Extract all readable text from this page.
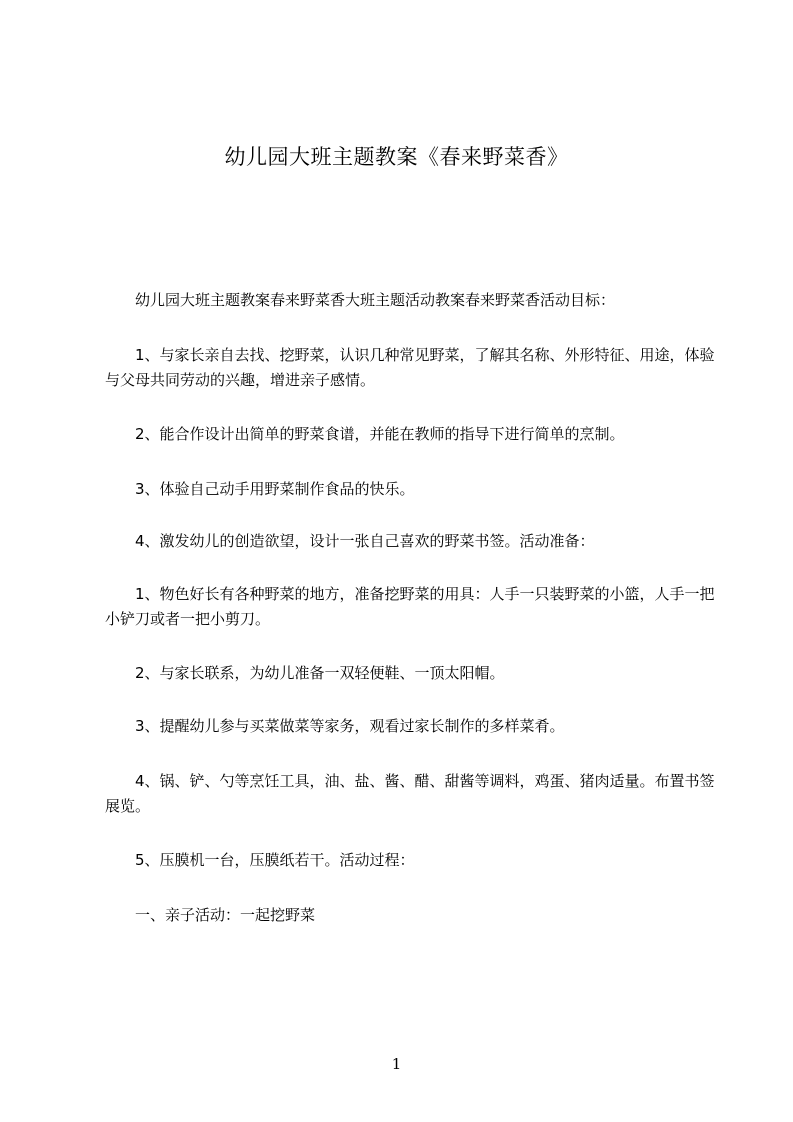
幼儿园大班主题教案《春来野菜香》

幼儿园大班主题教案春来野菜香大班主题活动教案春来野菜香活动目标：

1、与家长亲自去找、挖野菜，认识几种常见野菜，了解其名称、外形特征、用途，体验与父母共同劳动的兴趣，增进亲子感情。

2、能合作设计出简单的野菜食谱，并能在教师的指导下进行简单的烹制。

3、体验自己动手用野菜制作食品的快乐。

4、激发幼儿的创造欲望，设计一张自己喜欢的野菜书签。活动准备：

1、物色好长有各种野菜的地方，准备挖野菜的用具：人手一只装野菜的小篮，人手一把小铲刀或者一把小剪刀。

2、与家长联系，为幼儿准备一双轻便鞋、一顶太阳帽。

3、提醒幼儿参与买菜做菜等家务，观看过家长制作的多样菜肴。

4、锅、铲、勺等烹饪工具，油、盐、酱、醋、甜酱等调料，鸡蛋、猪肉适量。布置书签展览。

5、压膜机一台，压膜纸若干。活动过程：

一、亲子活动：一起挖野菜

1
